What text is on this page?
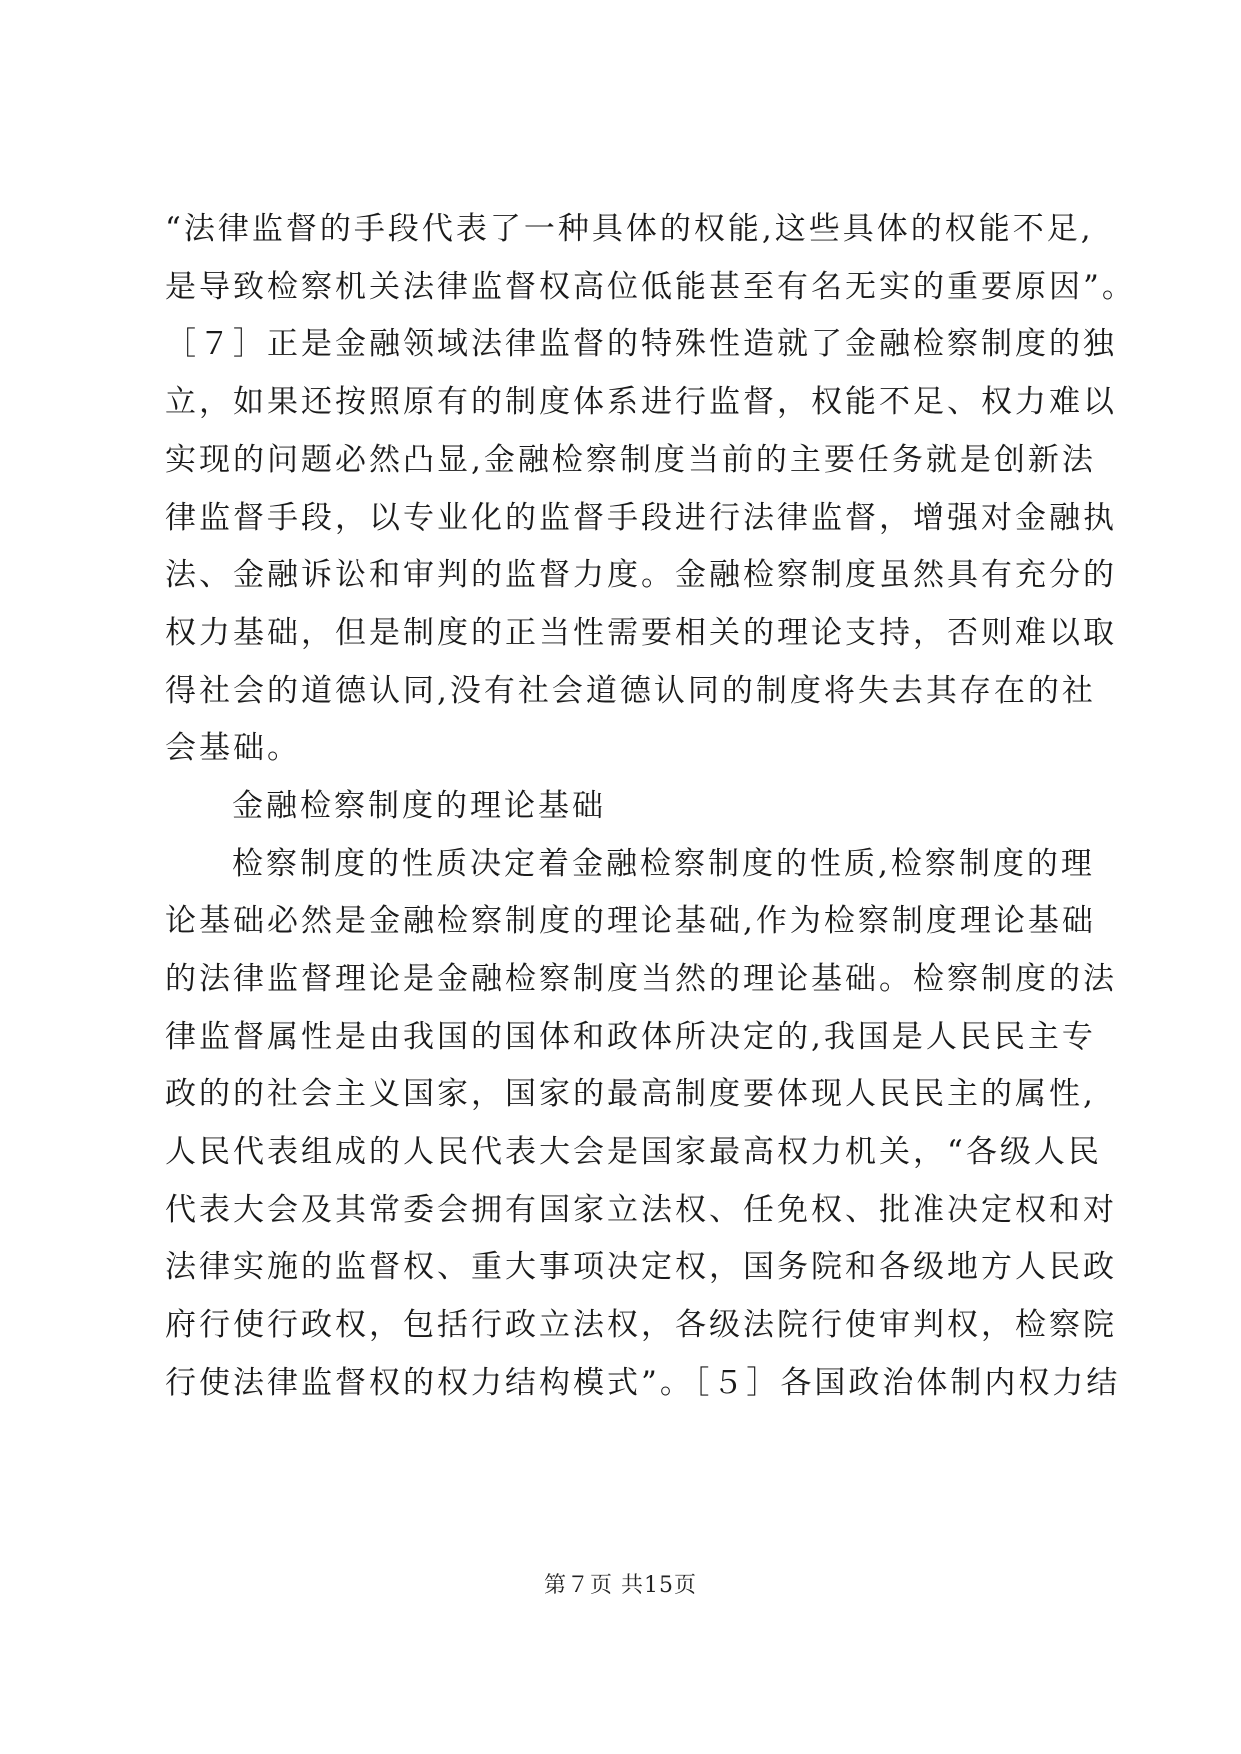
“法律监督的手段代表了一种具体的权能,这些具体的权能不足,
是导致检察机关法律监督权高位低能甚至有名无实的重要原因”。
［７］正是金融领域法律监督的特殊性造就了金融检察制度的独
立，如果还按照原有的制度体系进行监督，权能不足、权力难以
实现的问题必然凸显,金融检察制度当前的主要任务就是创新法
律监督手段，以专业化的监督手段进行法律监督，增强对金融执
法、金融诉讼和审判的监督力度。金融检察制度虽然具有充分的
权力基础，但是制度的正当性需要相关的理论支持，否则难以取
得社会的道德认同,没有社会道德认同的制度将失去其存在的社
会基础。
金融检察制度的理论基础
检察制度的性质决定着金融检察制度的性质,检察制度的理
论基础必然是金融检察制度的理论基础,作为检察制度理论基础
的法律监督理论是金融检察制度当然的理论基础。检察制度的法
律监督属性是由我国的国体和政体所决定的,我国是人民民主专
政的的社会主义国家，国家的最高制度要体现人民民主的属性,
人民代表组成的人民代表大会是国家最高权力机关，“各级人民
代表大会及其常委会拥有国家立法权、任免权、批准决定权和对
法律实施的监督权、重大事项决定权，国务院和各级地方人民政
府行使行政权，包括行政立法权，各级法院行使审判权，检察院
行使法律监督权的权力结构模式”。［５］各国政治体制内权力结
第７页 共15页
